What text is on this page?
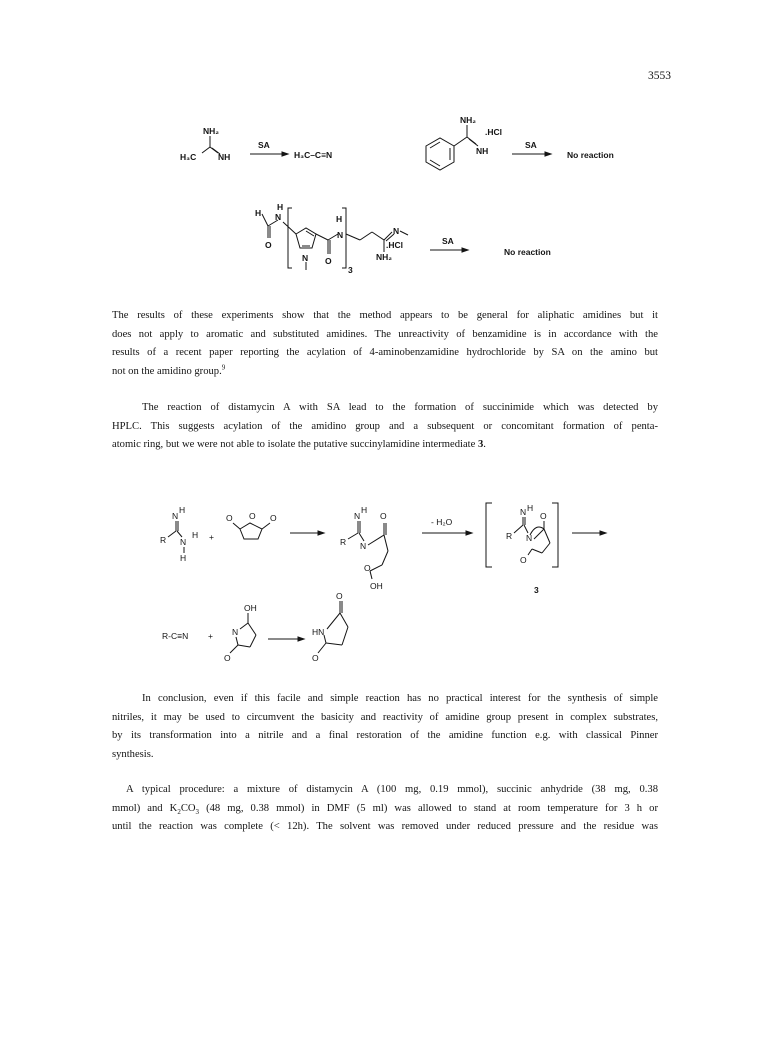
3553
NH₂
H₃C	NH
SA
H₃C–C≡N
NH₂
.HCl
NH
SA
No reaction
H
O
N
H
N O
H
N
3
N
.HCl
NH₂
SA
No reaction
The results of these experiments show that the method appears to be general for aliphatic amidines but it
does not apply to aromatic and substituted amidines. The unreactivity of benzamidine is in accordance with the
results of a recent paper reporting the acylation of 4-aminobenzamidine hydrochloride by SA on the amino but
not on the amidino group.$^9$
The reaction of distamycin A with SA lead to the formation of succinimide which was detected by
HPLC. This suggests acylation of the amidino group and a subsequent or concomitant formation of penta-
atomic ring, but we were not able to isolate the putative succinylamidine intermediate 3.
N
H
R N
H
H
+
O O O	N
H
O
R N
O
OH
- H₂O
N H
R N
O
O
3
R-C≡N + N
OH
O
O
HN
O
In conclusion, even if this facile and simple reaction has no practical interest for the synthesis of simple
nitriles, it may be used to circumvent the basicity and reactivity of amidine group present in complex substrates,
by its transformation into a nitrile and a final restoration of the amidine function e.g. with classical Pinner
synthesis.
A typical procedure: a mixture of distamycin A (100 mg, 0.19 mmol), succinic anhydride (38 mg, 0.38
mmol) and $K_2CO_3$ (48 mg, 0.38 mmol) in DMF (5 ml) was allowed to stand at room temperature for 3 h or
until the reaction was complete (< 12h). The solvent was removed under reduced pressure and the residue was
